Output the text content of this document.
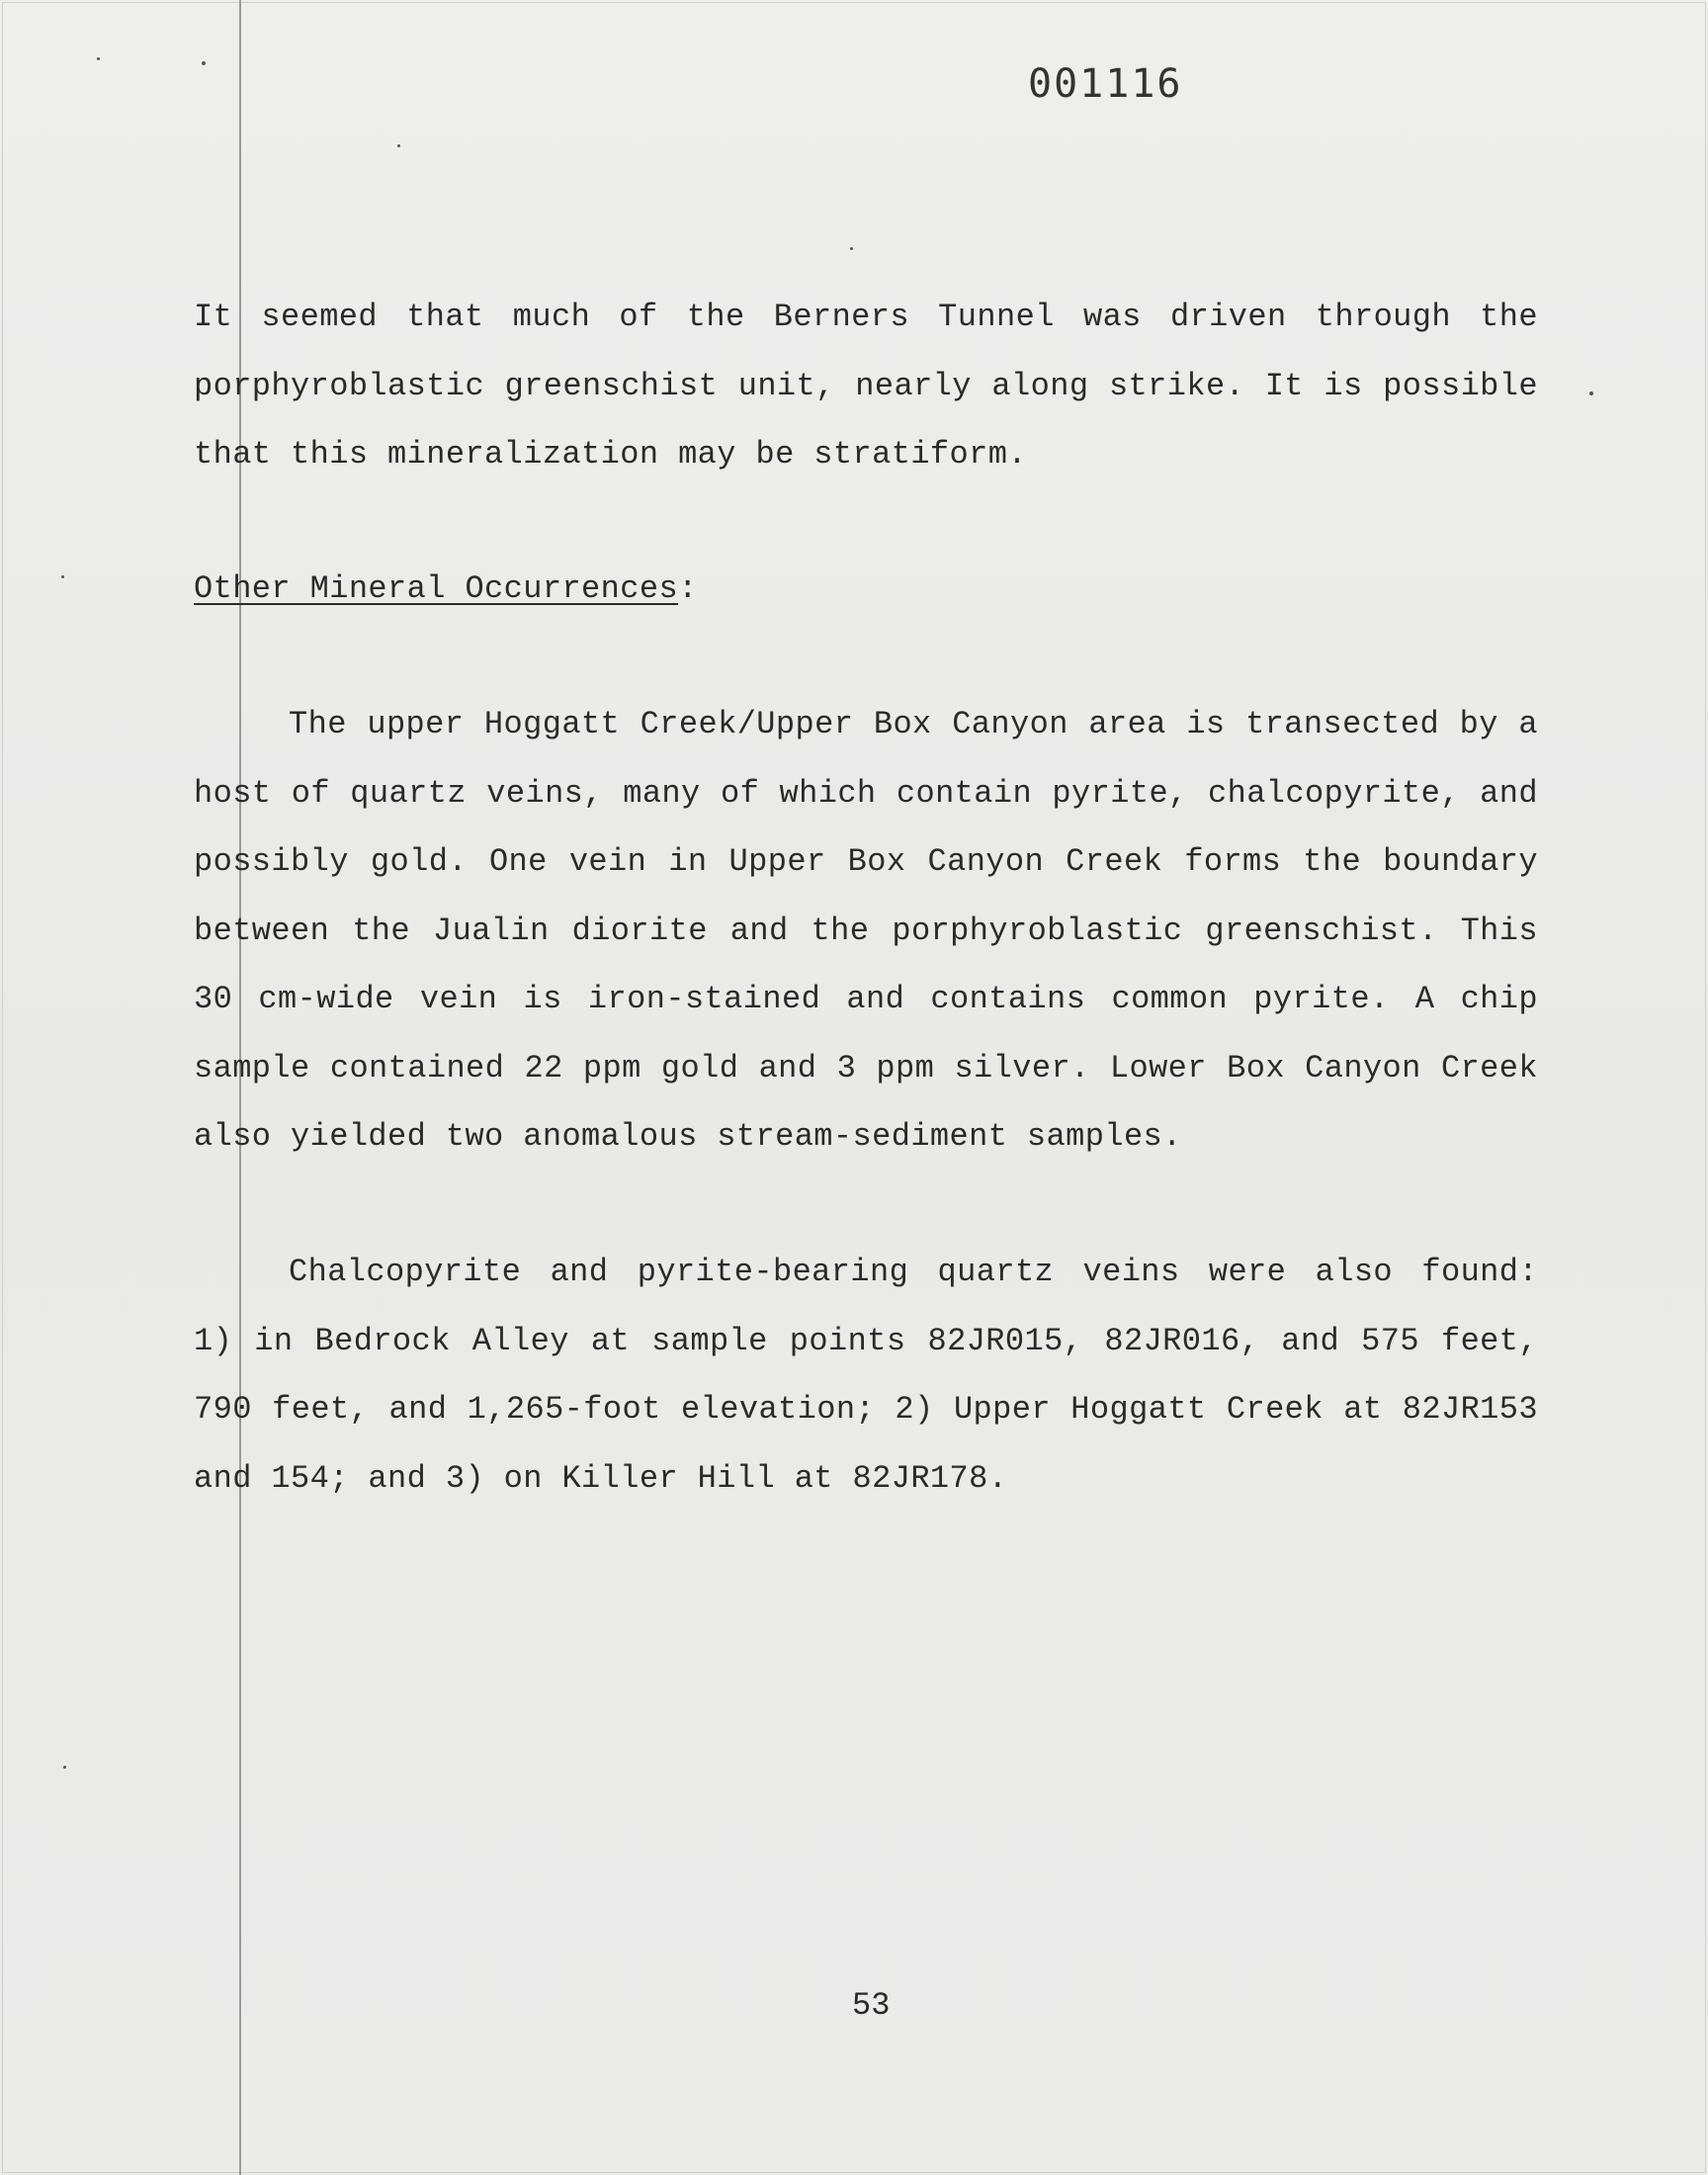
001116
It seemed that much of the Berners Tunnel was driven through the
porphyroblastic greenschist unit, nearly along strike. It is possible
that this mineralization may be stratiform.
Other Mineral Occurrences:
The upper Hoggatt Creek/Upper Box Canyon area is transected by a
host of quartz veins, many of which contain pyrite, chalcopyrite, and
possibly gold. One vein in Upper Box Canyon Creek forms the boundary
between the Jualin diorite and the porphyroblastic greenschist. This
30 cm-wide vein is iron-stained and contains common pyrite. A chip
sample contained 22 ppm gold and 3 ppm silver. Lower Box Canyon Creek
also yielded two anomalous stream-sediment samples.
Chalcopyrite and pyrite-bearing quartz veins were also found:
1) in Bedrock Alley at sample points 82JR015, 82JR016, and 575 feet,
790 feet, and 1,265-foot elevation; 2) Upper Hoggatt Creek at 82JR153
and 154; and 3) on Killer Hill at 82JR178.
53
